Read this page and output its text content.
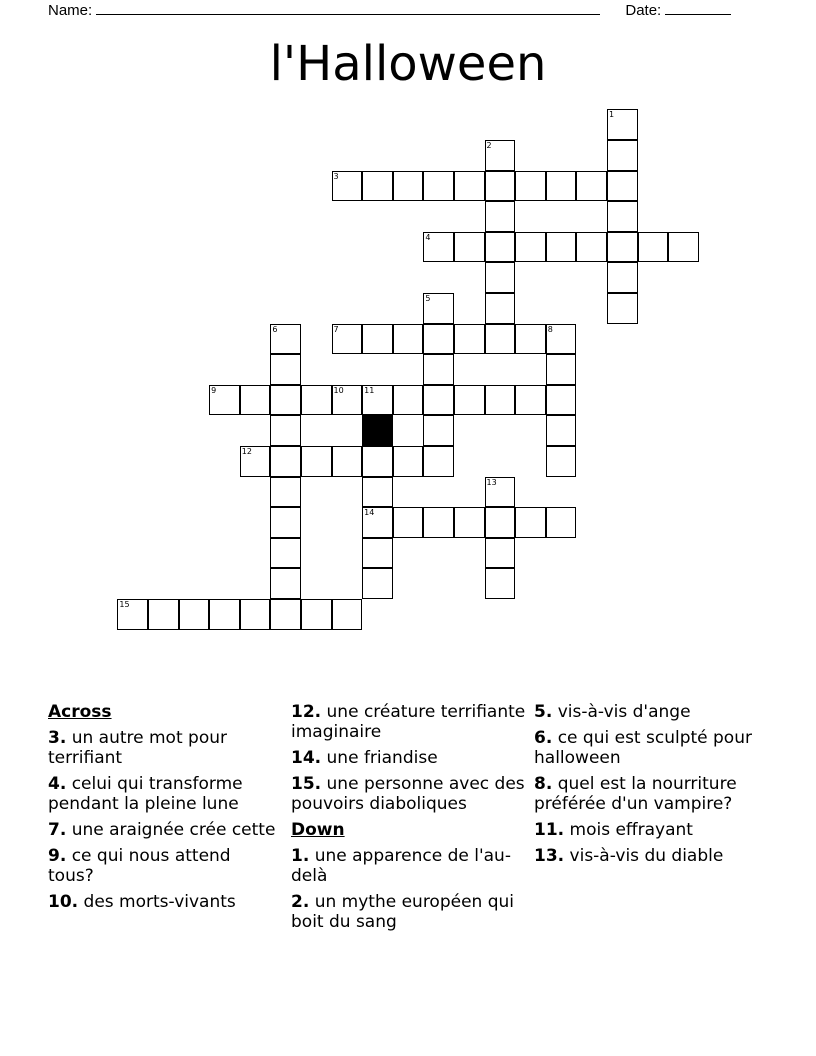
Name:	Date:
l'Halloween
1
2
3
4
5
6	7	8
9	10	11
14
12
13
15
Across
3. un autre mot pour terrifiant
4. celui qui transforme pendant la pleine lune
7. une araignée crée cette
9. ce qui nous attend tous?
10. des morts-vivants
12. une créature terrifiante imaginaire
14. une friandise
15. une personne avec des pouvoirs diaboliques
Down
1. une apparence de l'au-delà
2. un mythe européen qui boit du sang
5. vis-à-vis d'ange
6. ce qui est sculpté pour halloween
8. quel est la nourriture préférée d'un vampire?
11. mois effrayant
13. vis-à-vis du diable
